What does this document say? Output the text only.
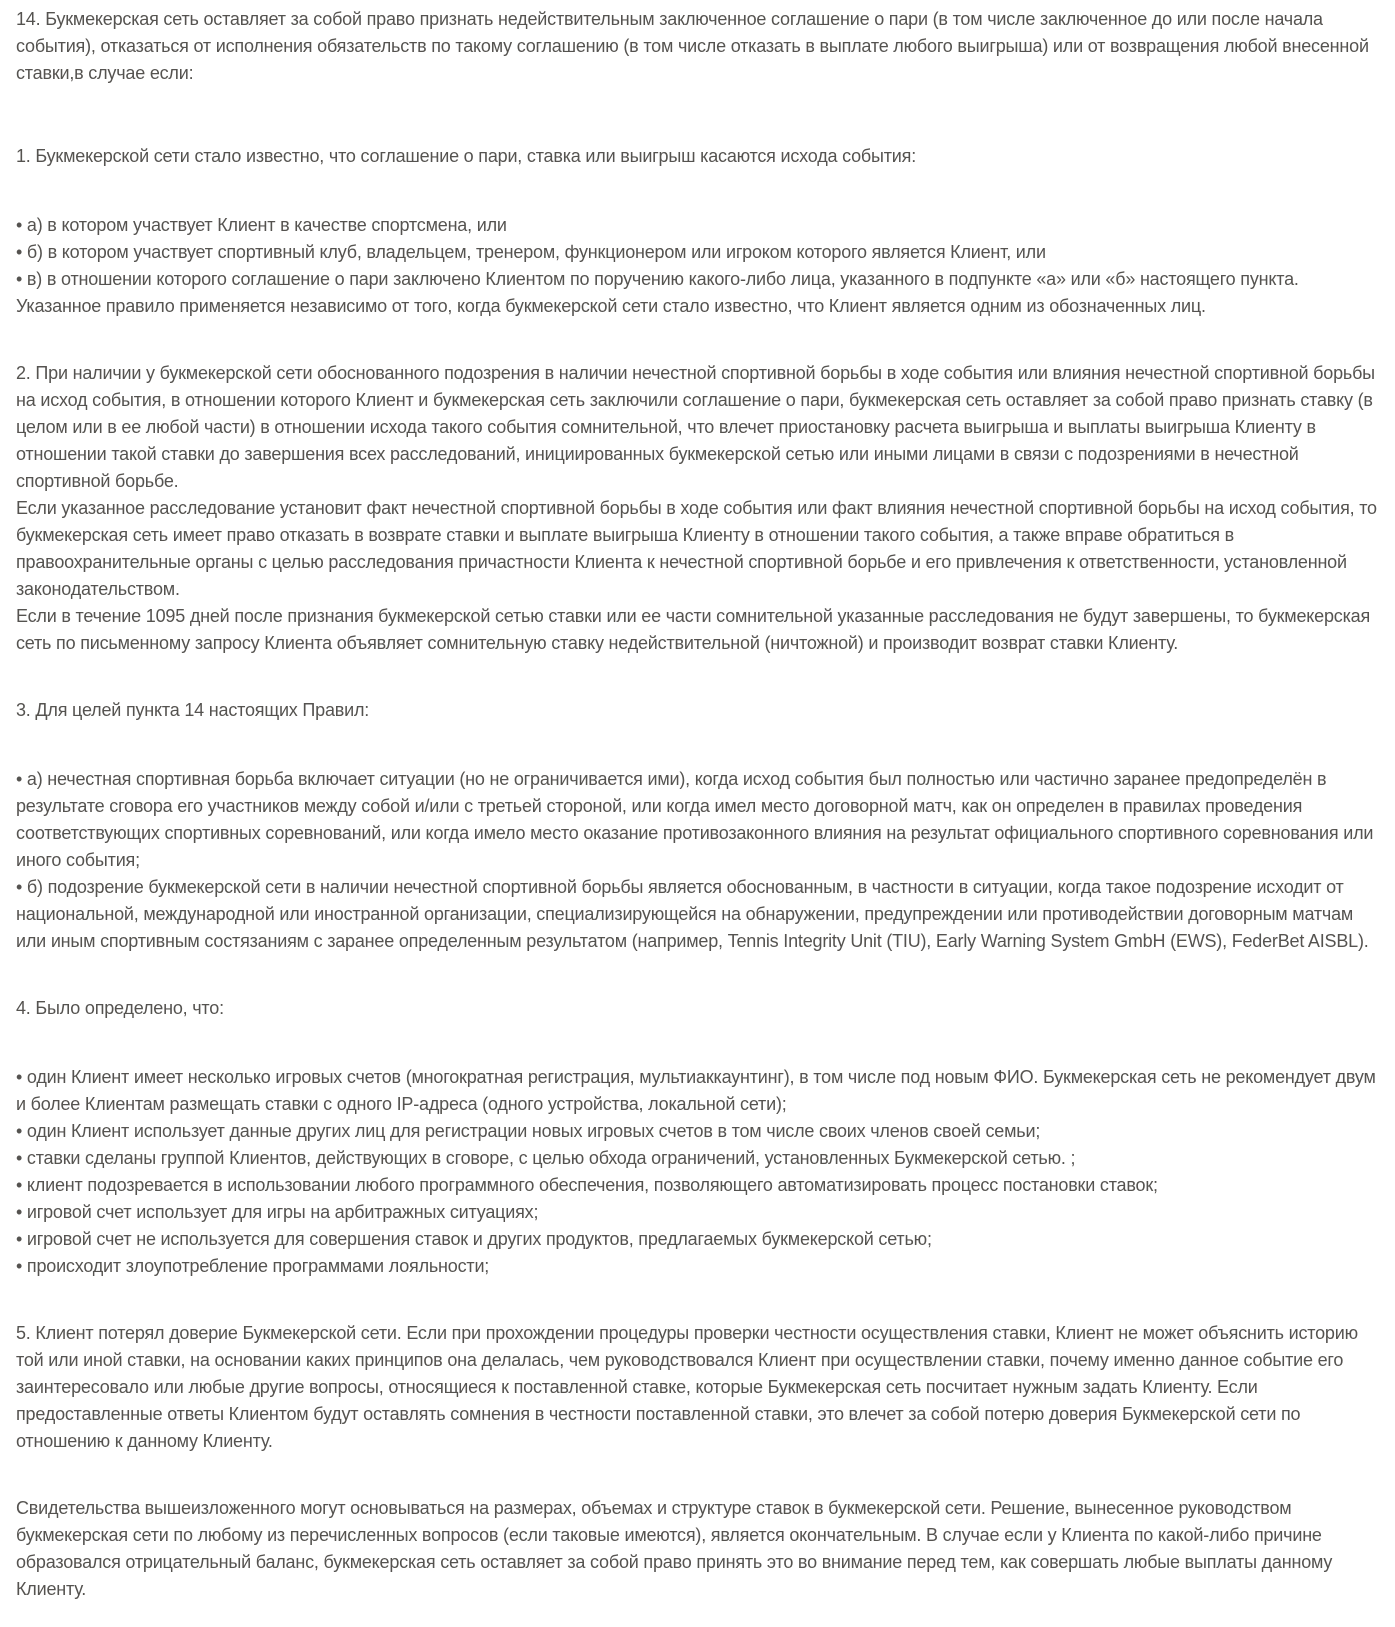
14. Букмекерская сеть оставляет за собой право признать недействительным заключенное соглашение о пари (в том числе заключенное до или после начала события), отказаться от исполнения обязательств по такому соглашению (в том числе отказать в выплате любого выигрыша) или от возвращения любой внесенной ставки,в случае если:

1. Букмекерской сети стало известно, что соглашение о пари, ставка или выигрыш касаются исхода события:

• а) в котором участвует Клиент в качестве спортсмена, или
• б) в котором участвует спортивный клуб, владельцем, тренером, функционером или игроком которого является Клиент, или
• в) в отношении которого соглашение о пари заключено Клиентом по поручению какого-либо лица, указанного в подпункте «а» или «б» настоящего пункта.
Указанное правило применяется независимо от того, когда букмекерской сети стало известно, что Клиент является одним из обозначенных лиц.
2. При наличии у букмекерской сети обоснованного подозрения в наличии нечестной спортивной борьбы в ходе события или влияния нечестной спортивной борьбы на исход события, в отношении которого Клиент и букмекерская сеть заключили соглашение о пари, букмекерская сеть оставляет за собой право признать ставку (в целом или в ее любой части) в отношении исхода такого события сомнительной, что влечет приостановку расчета выигрыша и выплаты выигрыша Клиенту в отношении такой ставки до завершения всех расследований, инициированных букмекерской сетью или иными лицами в связи с подозрениями в нечестной спортивной борьбе.
Если указанное расследование установит факт нечестной спортивной борьбы в ходе события или факт влияния нечестной спортивной борьбы на исход события, то букмекерская сеть имеет право отказать в возврате ставки и выплате выигрыша Клиенту в отношении такого события, а также вправе обратиться в правоохранительные органы с целью расследования причастности Клиента к нечестной спортивной борьбе и его привлечения к ответственности, установленной законодательством.
Если в течение 1095 дней после признания букмекерской сетью ставки или ее части сомнительной указанные расследования не будут завершены, то букмекерская сеть по письменному запросу Клиента объявляет сомнительную ставку недействительной (ничтожной) и производит возврат ставки Клиенту.

3. Для целей пункта 14 настоящих Правил:

• а) нечестная спортивная борьба включает ситуации (но не ограничивается ими), когда исход события был полностью или частично заранее предопределён в результате сговора его участников между собой и/или с третьей стороной, или когда имел место договорной матч, как он определен в правилах проведения соответствующих спортивных соревнований, или когда имело место оказание противозаконного влияния на результат официального спортивного соревнования или иного события;
• б) подозрение букмекерской сети в наличии нечестной спортивной борьбы является обоснованным, в частности в ситуации, когда такое подозрение исходит от национальной, международной или иностранной организации, специализирующейся на обнаружении, предупреждении или противодействии договорным матчам или иным спортивным состязаниям с заранее определенным результатом (например, Tennis Integrity Unit (TIU), Early Warning System GmbH (EWS), FederBet AISBL).

4. Было определено, что:

• один Клиент имеет несколько игровых счетов (многократная регистрация, мультиаккаунтинг), в том числе под новым ФИО. Букмекерская сеть не рекомендует двум и более Клиентам размещать ставки с одного IP-адреса (одного устройства, локальной сети);
• один Клиент использует данные других лиц для регистрации новых игровых счетов в том числе своих членов своей семьи;
• ставки сделаны группой Клиентов, действующих в сговоре, с целью обхода ограничений, установленных Букмекерской сетью. ;
• клиент подозревается в использовании любого программного обеспечения, позволяющего автоматизировать процесс постановки ставок;
• игровой счет использует для игры на арбитражных ситуациях;
• игровой счет не используется для совершения ставок и других продуктов, предлагаемых букмекерской сетью;
• происходит злоупотребление программами лояльности;

5. Клиент потерял доверие Букмекерской сети. Если при прохождении процедуры проверки честности осуществления ставки, Клиент не может объяснить историю той или иной ставки, на основании каких принципов она делалась, чем руководствовался Клиент при осуществлении ставки, почему именно данное событие его заинтересовало или любые другие вопросы, относящиеся к поставленной ставке, которые Букмекерская сеть посчитает нужным задать Клиенту. Если предоставленные ответы Клиентом будут оставлять сомнения в честности поставленной ставки, это влечет за собой потерю доверия Букмекерской сети по отношению к данному Клиенту.

Свидетельства вышеизложенного могут основываться на размерах, объемах и структуре ставок в букмекерской сети. Решение, вынесенное руководством букмекерская сети по любому из перечисленных вопросов (если таковые имеются), является окончательным. В случае если у Клиента по какой-либо причине образовался отрицательный баланс, букмекерская сеть оставляет за собой право принять это во внимание перед тем, как совершать любые выплаты данному Клиенту.
